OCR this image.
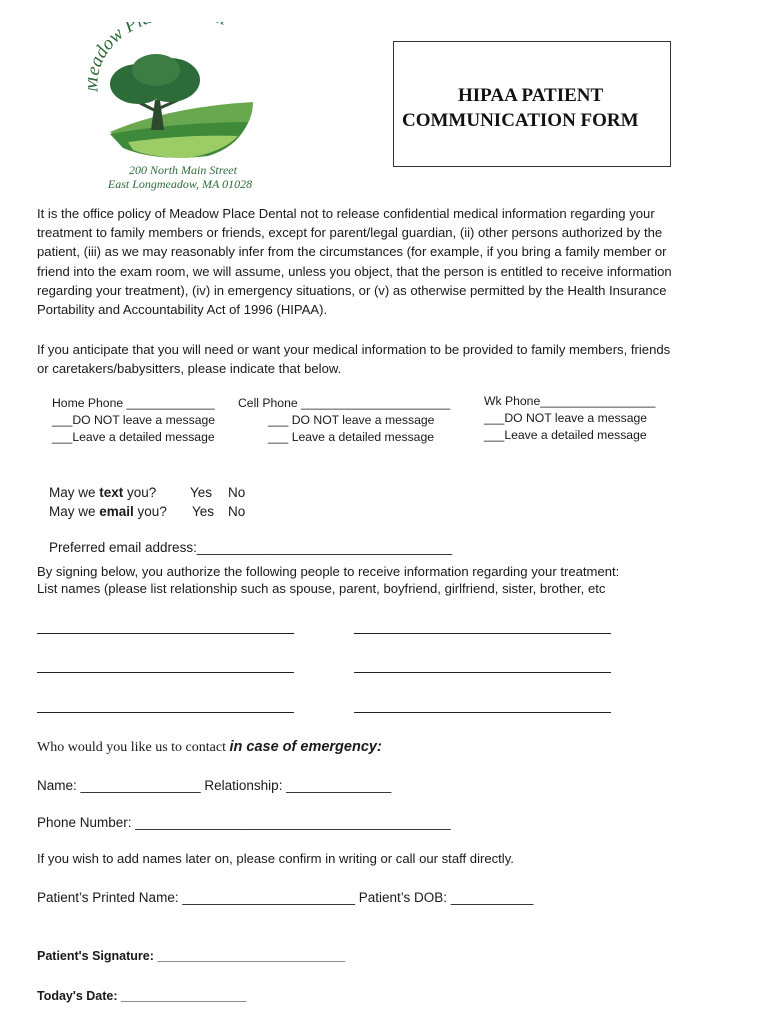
dow P
200 North Main Street
East Longmeadow, MA 01028
HIPAA PATIENT
COMMUNICATION FORM
It is the office policy of Meadow Place Dental not to release confidential medical information regarding your
treatment to family members or friends, except for parent/legal guardian, (ii) other persons authorized by the
patient, (iii) as we may reasonably infer from the circumstances (for example, if you bring a family member or
friend into the exam room, we will assume, unless you object, that the person is entitled to receive information
regarding your treatment), (iv) in emergency situations, or (v) as otherwise permitted by the Health Insurance
Portability and Accountability Act of 1996 (HIPAA).
If you anticipate that you will need or want your medical information to be provided to family members, friends
or caretakers/babysitters, please indicate that below.
Home Phone _____________
___DO NOT leave a message
___Leave a detailed message
Cell Phone ______________________
___ DO NOT leave a message
___ Leave a detailed message
Wk Phone_________________
___DO NOT leave a message
___Leave a detailed message
May we text you? Yes No
May we email you? Yes No
Preferred email address:__________________________________
By signing below, you authorize the following people to receive information regarding your treatment:
List names (please list relationship such as spouse, parent, boyfriend, girlfriend, sister, brother, etc
Who would you like us to contact in case of emergency:
Name: ________________ Relationship: ______________
Phone Number: __________________________________________
If you wish to add names later on, please confirm in writing or call our staff directly.
Patient’s Printed Name: _______________________ Patient’s DOB: ___________
Patient's Signature: ___________________________
Today's Date: __________________
